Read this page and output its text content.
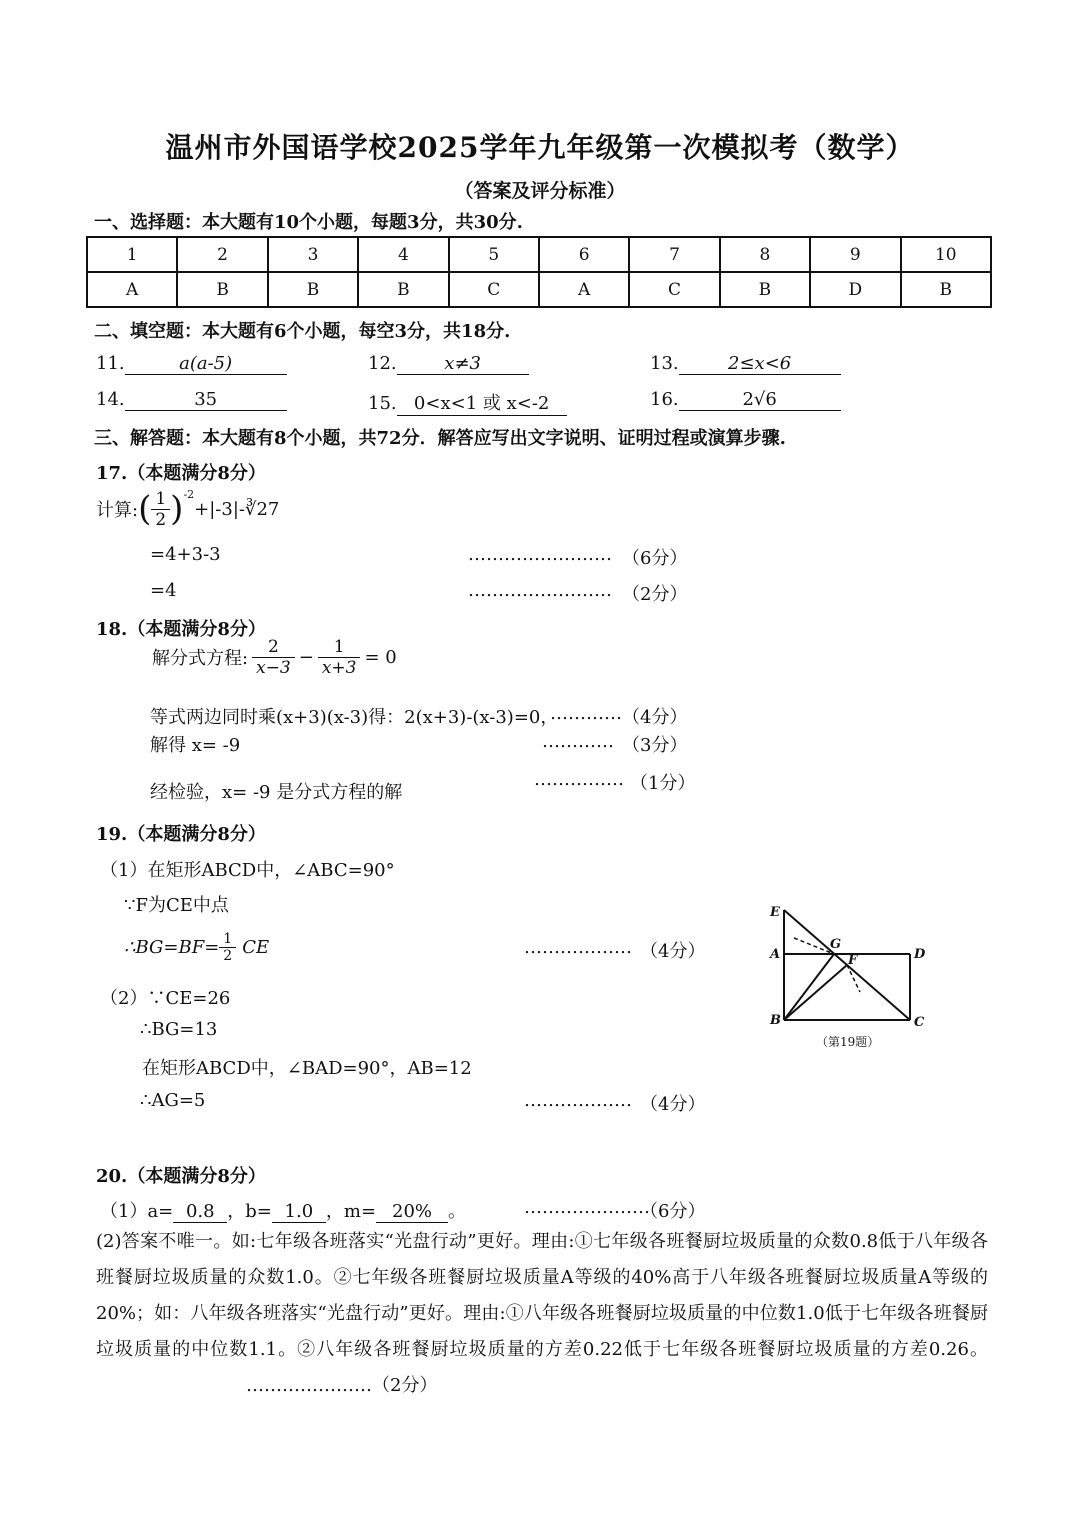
温州市外国语学校2025学年九年级第一次模拟考（数学）
（答案及评分标准）
一、选择题：本大题有10个小题，每题3分，共30分.
1	2	3	4	5	6	7	8	9	10
A	B	B	B	C	A	C	B	D	B
二、填空题：本大题有6个小题，每空3分，共18分.
11.	a(a-5)	12.	x≠3	13.	2≤x<6
14.	35	15. 0<x<1 或 x<-2	16.	2√6
三、解答题：本大题有8个小题，共72分．解答应写出文字说明、证明过程或演算步骤.
17.（本题满分8分）
计算: ( $\frac{1}{2} )^{-2}$
+|-3|-∛27
=4+3-3	…………………… （6分）
=4	…………………… （2分）
18.（本题满分8分）
解分式方程: $\frac{2}{x-3} - \frac{1}{x+3} = 0$
等式两边同时乘(x+3)(x-3)得：2(x+3)-(x-3)=0，
………… （4分）
解得 x= -9	………… （3分）
经检验，x= -9 是分式方程的解
…………… （1分）
19.（本题满分8分）
（1）在矩形ABCD中，∠ABC=90°
∵F为CE中点
∴BG=BF= $\frac{1}{2}$ CE	……………… （4分）
（2）∵CE=26
∴BG=13
在矩形ABCD中，∠BAD=90°，AB=12
∴AG=5	……………… （4分）
E
A
G
F	D
B	C
（第19题）
20.（本题满分8分）
（1）a= 0.8 ，b= 1.0 ，m= 20% 。	…………………
（6分）
(2)答案不唯一。如:七年级各班落实“光盘行动”更好。理由:①七年级各班餐厨垃圾质量的众数0.8低于八年级各班餐厨垃圾质量的众数1.0。②七年级各班餐厨垃圾质量A等级的40%高于八年级各班餐厨垃圾质量A等级的20%；如：八年级各班落实“光盘行动”更好。理由:①八年级各班餐厨垃圾质量的中位数1.0低于七年级各班餐厨垃圾质量的中位数1.1。②八年级各班餐厨垃圾质量的方差0.22低于七年级各班餐厨垃圾质量的方差0.26。…………………（2分）
